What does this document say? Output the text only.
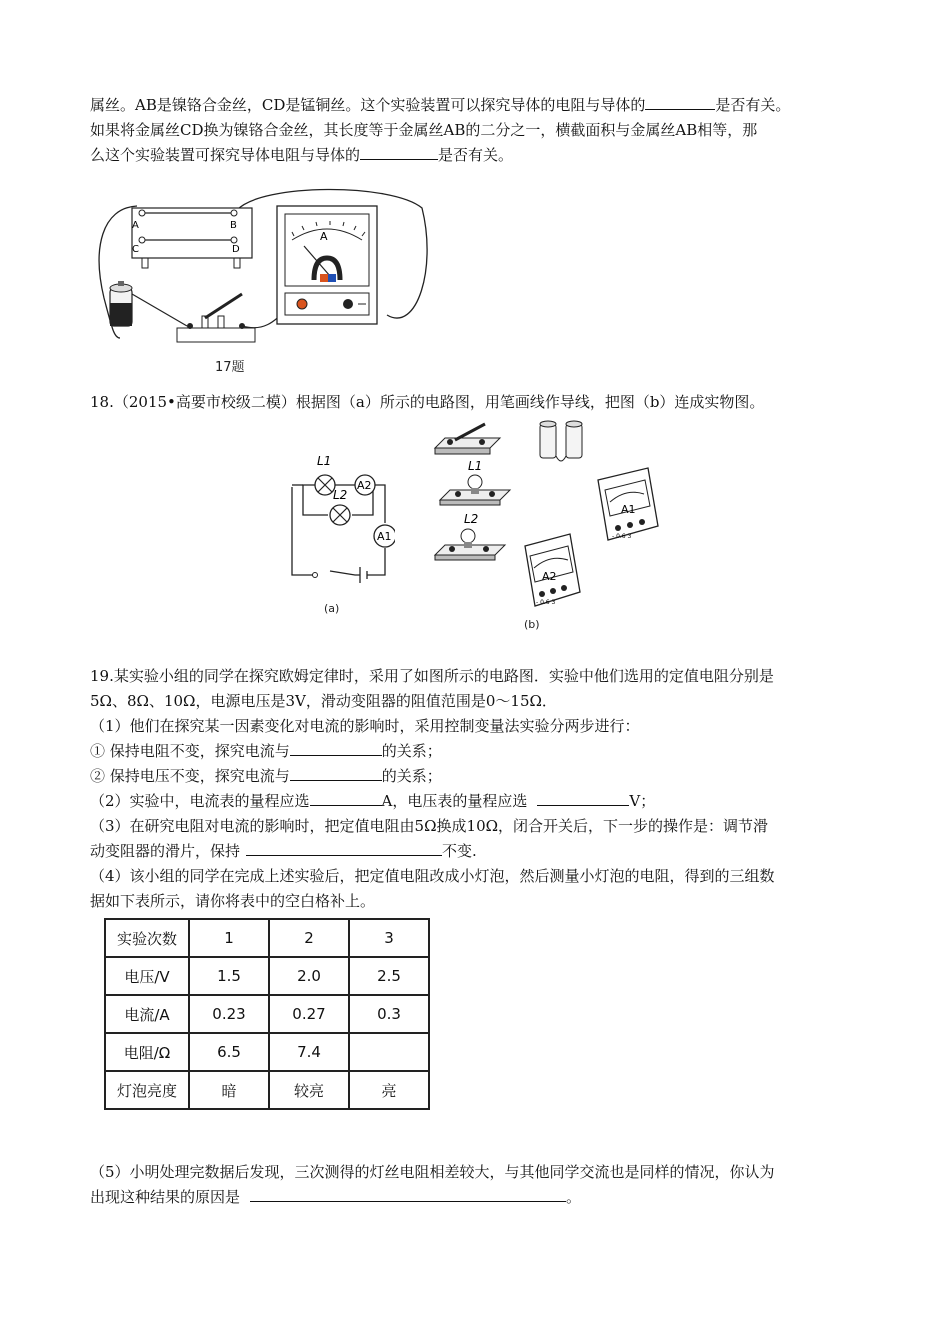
属丝。AB是镍铬合金丝，CD是锰铜丝。这个实验装置可以探究导体的电阻与导体的	是否有关。
如果将金属丝CD换为镍铬合金丝，其长度等于金属丝AB的二分之一，横截面积与金属丝AB相等，那
么这个实验装置可探究导体电阻与导体的	是否有关。
A	B
C	D
A
17题
18.（2015•高要市校级二模）根据图（a）所示的电路图，用笔画线作导线，把图（b）连成实物图。
A2
A1
L1
L2
(a)
L1
L2
A1
- 0.6 3
A2
- 0.6 3
(b)
19.某实验小组的同学在探究欧姆定律时，采用了如图所示的电路图．实验中他们选用的定值电阻分别是
5Ω、8Ω、10Ω，电源电压是3V，滑动变阻器的阻值范围是0～15Ω．
（1）他们在探究某一因素变化对电流的影响时，采用控制变量法实验分两步进行：
① 保持电阻不变，探究电流与	的关系；
② 保持电压不变，探究电流与	的关系；
（2）实验中，电流表的量程应选	A，电压表的量程应选	V；
（3）在研究电阻对电流的影响时，把定值电阻由5Ω换成10Ω，闭合开关后，下一步的操作是：调节滑
动变阻器的滑片，保持	不变.
（4）该小组的同学在完成上述实验后，把定值电阻改成小灯泡，然后测量小灯泡的电阻，得到的三组数
据如下表所示，请你将表中的空白格补上。
实验次数	1	2	3
电压/V	1.5	2.0	2.5
电流/A	0.23	0.27	0.3
电阻/Ω	6.5	7.4	
灯泡亮度	暗	较亮	亮
（5）小明处理完数据后发现，三次测得的灯丝电阻相差较大，与其他同学交流也是同样的情况，你认为
出现这种结果的原因是	。
